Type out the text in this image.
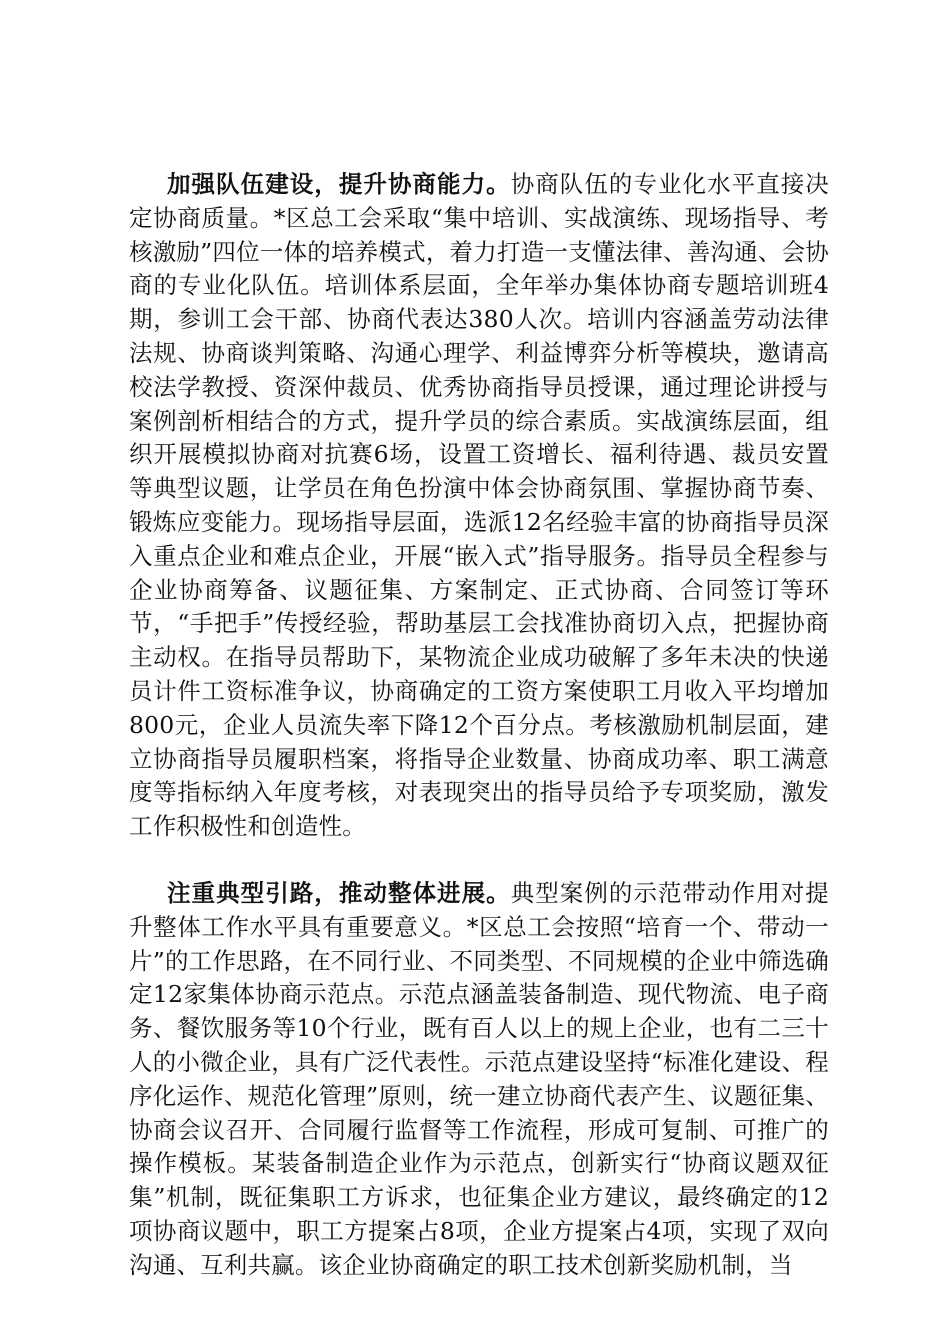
加强队伍建设，提升协商能力。协商队伍的专业化水平直接决定协商质量。*区总工会采取“集中培训、实战演练、现场指导、考核激励”四位一体的培养模式，着力打造一支懂法律、善沟通、会协商的专业化队伍。培训体系层面，全年举办集体协商专题培训班4期，参训工会干部、协商代表达380人次。培训内容涵盖劳动法律法规、协商谈判策略、沟通心理学、利益博弈分析等模块，邀请高校法学教授、资深仲裁员、优秀协商指导员授课，通过理论讲授与案例剖析相结合的方式，提升学员的综合素质。实战演练层面，组织开展模拟协商对抗赛6场，设置工资增长、福利待遇、裁员安置等典型议题，让学员在角色扮演中体会协商氛围、掌握协商节奏、锻炼应变能力。现场指导层面，选派12名经验丰富的协商指导员深入重点企业和难点企业，开展“嵌入式”指导服务。指导员全程参与企业协商筹备、议题征集、方案制定、正式协商、合同签订等环节，“手把手”传授经验，帮助基层工会找准协商切入点，把握协商主动权。在指导员帮助下，某物流企业成功破解了多年未决的快递员计件工资标准争议，协商确定的工资方案使职工月收入平均增加800元，企业人员流失率下降12个百分点。考核激励机制层面，建立协商指导员履职档案，将指导企业数量、协商成功率、职工满意度等指标纳入年度考核，对表现突出的指导员给予专项奖励，激发工作积极性和创造性。

注重典型引路，推动整体进展。典型案例的示范带动作用对提升整体工作水平具有重要意义。*区总工会按照“培育一个、带动一片”的工作思路，在不同行业、不同类型、不同规模的企业中筛选确定12家集体协商示范点。示范点涵盖装备制造、现代物流、电子商务、餐饮服务等10个行业，既有百人以上的规上企业，也有二三十人的小微企业，具有广泛代表性。示范点建设坚持“标准化建设、程序化运作、规范化管理”原则，统一建立协商代表产生、议题征集、协商会议召开、合同履行监督等工作流程，形成可复制、可推广的操作模板。某装备制造企业作为示范点，创新实行“协商议题双征集”机制，既征集职工方诉求，也征集企业方建议，最终确定的12项协商议题中，职工方提案占8项，企业方提案占4项，实现了双向沟通、互利共赢。该企业协商确定的职工技术创新奖励机制，当
